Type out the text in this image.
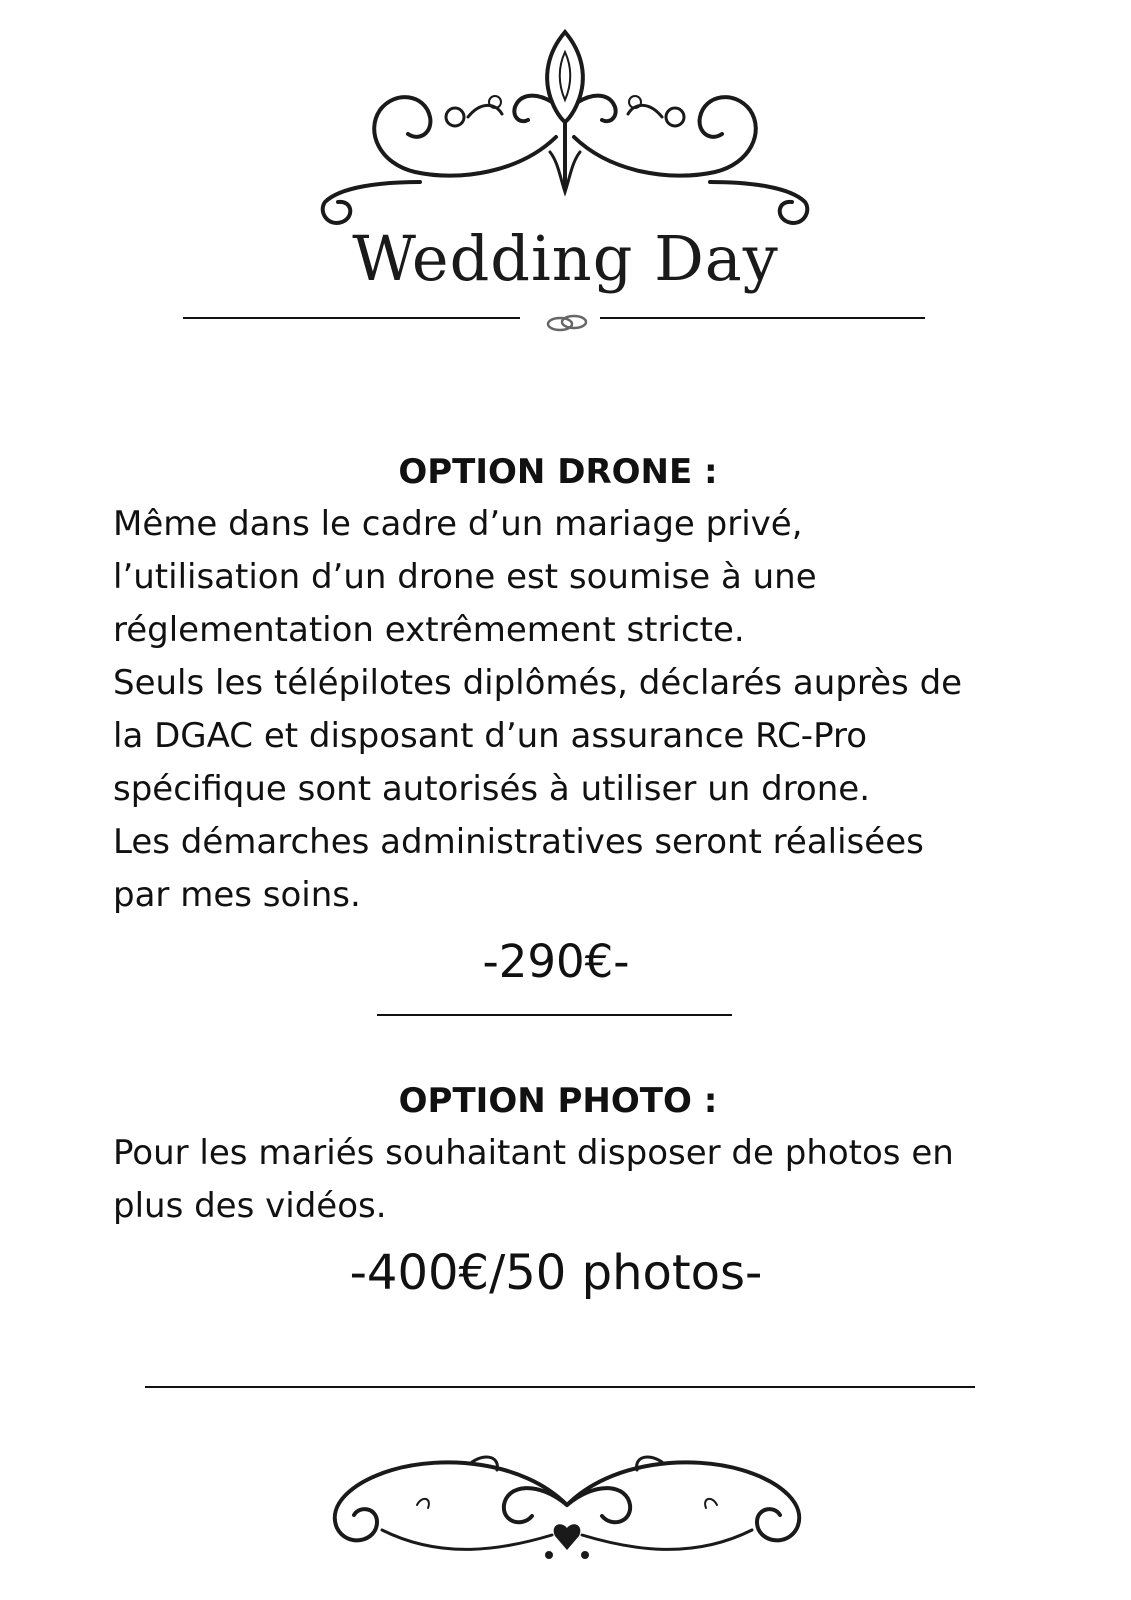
Wedding Day

OPTION DRONE :

Même dans le cadre d’un mariage privé,
l’utilisation d’un drone est soumise à une
réglementation extrêmement stricte.
Seuls les télépilotes diplômés, déclarés auprès de
la DGAC et disposant d’un assurance RC-Pro
spécifique sont autorisés à utiliser un drone.
Les démarches administratives seront réalisées
par mes soins.

-290€-

OPTION PHOTO :

Pour les mariés souhaitant disposer de photos en
plus des vidéos.

-400€/50 photos-
